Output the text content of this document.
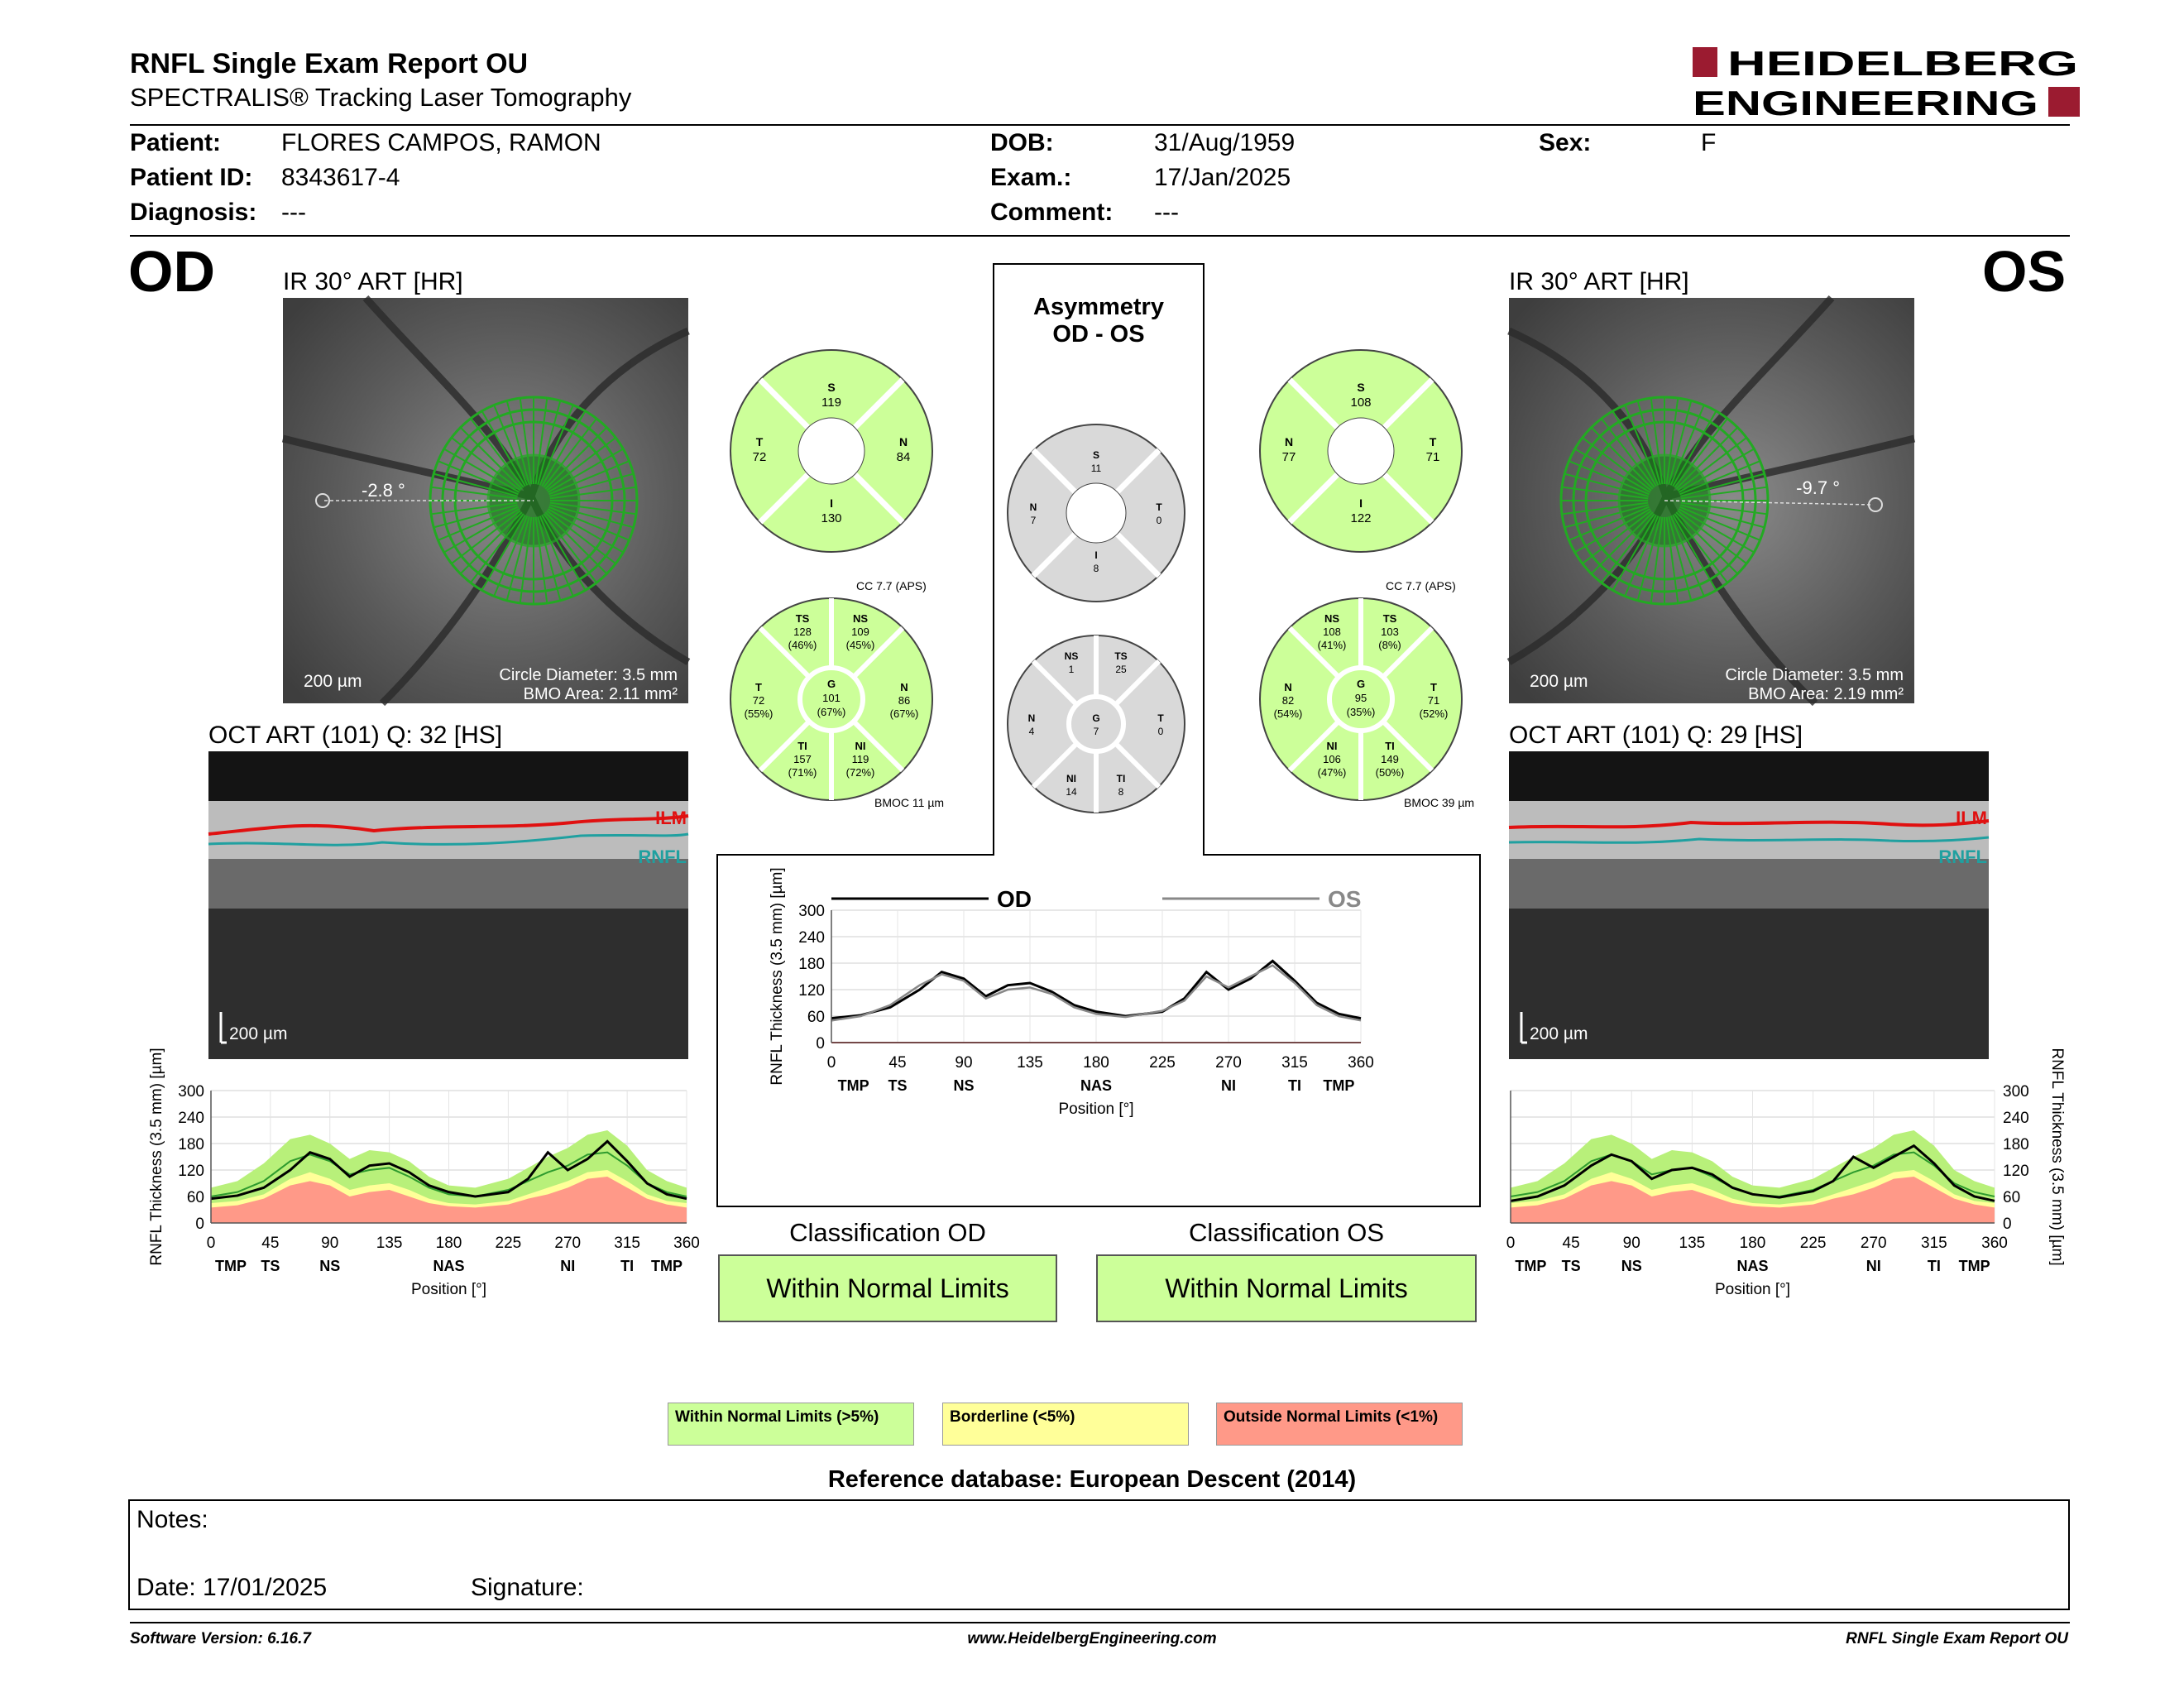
RNFL Single Exam Report OU
SPECTRALIS® Tracking Laser Tomography
HEIDELBERG
ENGINEERING
Patient: FLORES CAMPOS, RAMON
Patient ID: 8343617-4
Diagnosis: ---
DOB:	31/Aug/1959
Exam.:	17/Jan/2025
Comment: ---
Sex:	F
OD	IR 30° ART [HR]
-2.8 °
200 µm	Circle Diameter: 3.5 mm
BMO Area: 2.11 mm²
OCT ART (101) Q: 32 [HS]
ILM
RNFL
200 µm
0
60
120
180
240
300
0	45	90 135 180 225 270 315 360
TMP TS	NS	NAS	NI	TI TMP
Position [°]
RNFL Thickness (3.5 mm) [µm]
OS
IR 30° ART [HR]
-9.7 °
200 µm	Circle Diameter: 3.5 mm
BMO Area: 2.19 mm²
OCT ART (101) Q: 29 [HS]
ILM
RNFL
200 µm
0
60
120
180
240
300
0	45	90 135 180 225 270 315 360
TMP TS	NS	NAS	NI	TI TMP
Position [°]
RNFL Thickness (3.5 mm) [µm]
S
119
T
72
N
84
I
130
CC 7.7 (APS)
TS
128
(46%)
NS
109
(45%)
T
72
(55%)
G
101
(67%)
N
86
(67%)
TI
157
(71%)
NI
119
(72%)
BMOC 11 µm
Asymmetry
OD - OS
S
11
N
7
T
0
I
8
NS
1
TS
25
N
4
G
7
T
0
NI
14
TI
8
S
108
N
77
T
71
I
122
CC 7.7 (APS)
NS
108
(41%)
TS
103
(8%)
N
82
(54%)
G
95
(35%)
T
71
(52%)
NI
106
(47%)
TI
149
(50%)
BMOC 39 µm
0
60
120
180
240
300
0	45	90	135	180	225	270	315	360
OD	OS
TMP TS	NS	NAS	NI	TI TMP
Position [°]
RNFL Thickness (3.5 mm) [µm]
Classification OD
Within Normal Limits
Classification OS
Within Normal Limits
Within Normal Limits (>5%)	Borderline (<5%)	Outside Normal Limits (<1%)
Reference database: European Descent (2014)
Notes:
Date: 17/01/2025	Signature:
Software Version: 6.16.7	www.HeidelbergEngineering.com	RNFL Single Exam Report OU
